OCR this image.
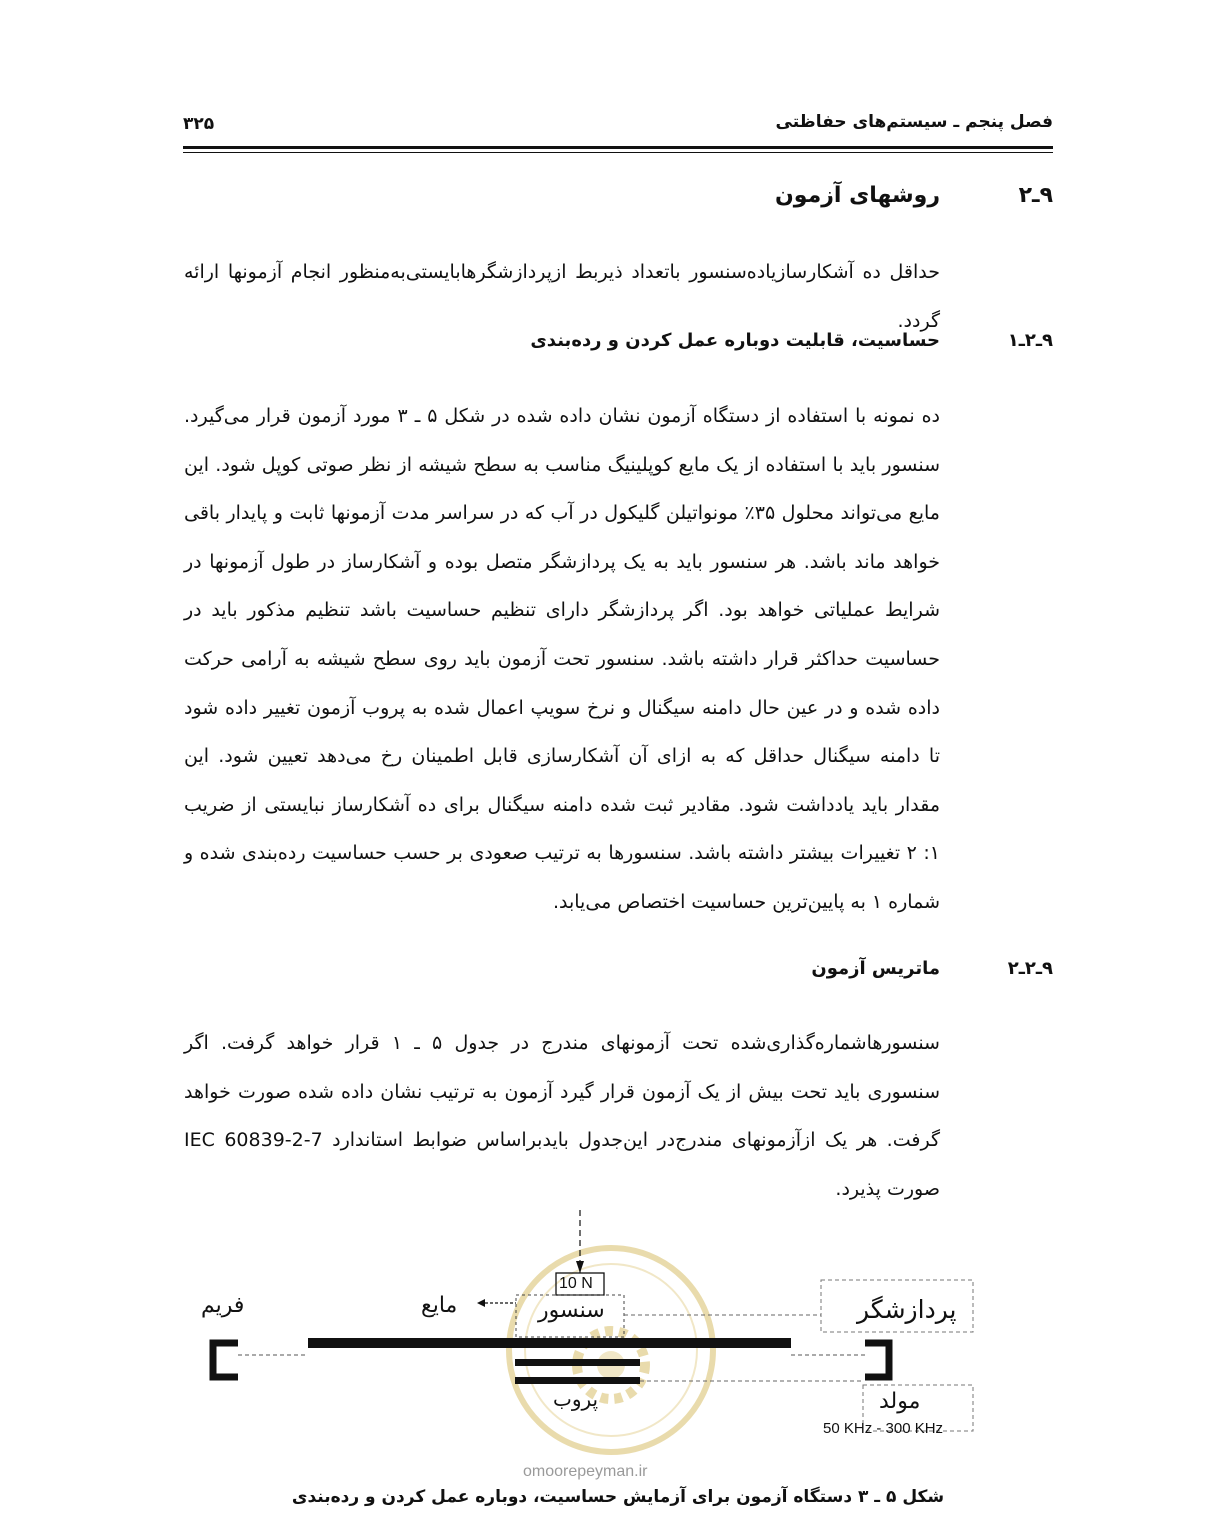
فصل پنجم ـ سیستم‌های حفاظتی
۳۲۵
۹ـ۲
روشهای آزمون

حداقل ده آشکارسازیاده‌سنسور باتعداد ذیربط ازپردازشگرهابایستی‌به‌منظور انجام آزمونها ارائه گردد.

۹ـ۲ـ۱
حساسیت، قابلیت دوباره عمل کردن و رده‌بندی

ده نمونه با استفاده از دستگاه آزمون نشان داده شده در شکل ۵ ـ ۳ مورد آزمون قرار می‌گیرد. سنسور باید با استفاده از یک مایع کوپلینیگ مناسب به سطح شیشه از نظر صوتی کوپل شود. این مایع می‌تواند محلول ۳۵٪ مونواتیلن گلیکول در آب که در سراسر مدت آزمونها ثابت و پایدار باقی خواهد ماند باشد. هر سنسور باید به یک پردازشگر متصل بوده و آشکارساز در طول آزمونها در شرایط عملیاتی خواهد بود. اگر پردازشگر دارای تنظیم حساسیت باشد تنظیم مذکور باید در حساسیت حداکثر قرار داشته باشد. سنسور تحت آزمون باید روی سطح شیشه به آرامی حرکت داده شده و در عین حال دامنه سیگنال و نرخ سویپ اعمال شده به پروب آزمون تغییر داده شود تا دامنه سیگنال حداقل که به ازای آن آشکارسازی قابل اطمینان رخ می‌دهد تعیین شود. این مقدار باید یادداشت شود. مقادیر ثبت شده دامنه سیگنال برای ده آشکارساز نبایستی از ضریب ۱: ۲ تغییرات بیشتر داشته باشد. سنسورها به ترتیب صعودی بر حسب حساسیت رده‌بندی شده و شماره ۱ به پایین‌ترین حساسیت اختصاص می‌یابد.

۹ـ۲ـ۲
ماتریس آزمون

سنسورهاشماره‌گذاری‌شده تحت آزمونهای مندرج در جدول ۵ ـ ۱ قرار خواهد گرفت. اگر سنسوری باید تحت بیش از یک آزمون قرار گیرد آزمون به ترتیب نشان داده شده صورت خواهد گرفت. هر یک ازآزمونهای مندرج‌در این‌جدول بایدبراساس ضوابط استاندارد IEC 60839-2-7 صورت پذیرد.

فریم	مایع	سنسور
پروب
پردازشگر
مولد
10 N
50 KHz - 300 KHz
omoorepeyman.ir
شکل ۵ ـ ۳ دستگاه آزمون برای آزمایش حساسیت، دوباره عمل کردن و رده‌بندی
